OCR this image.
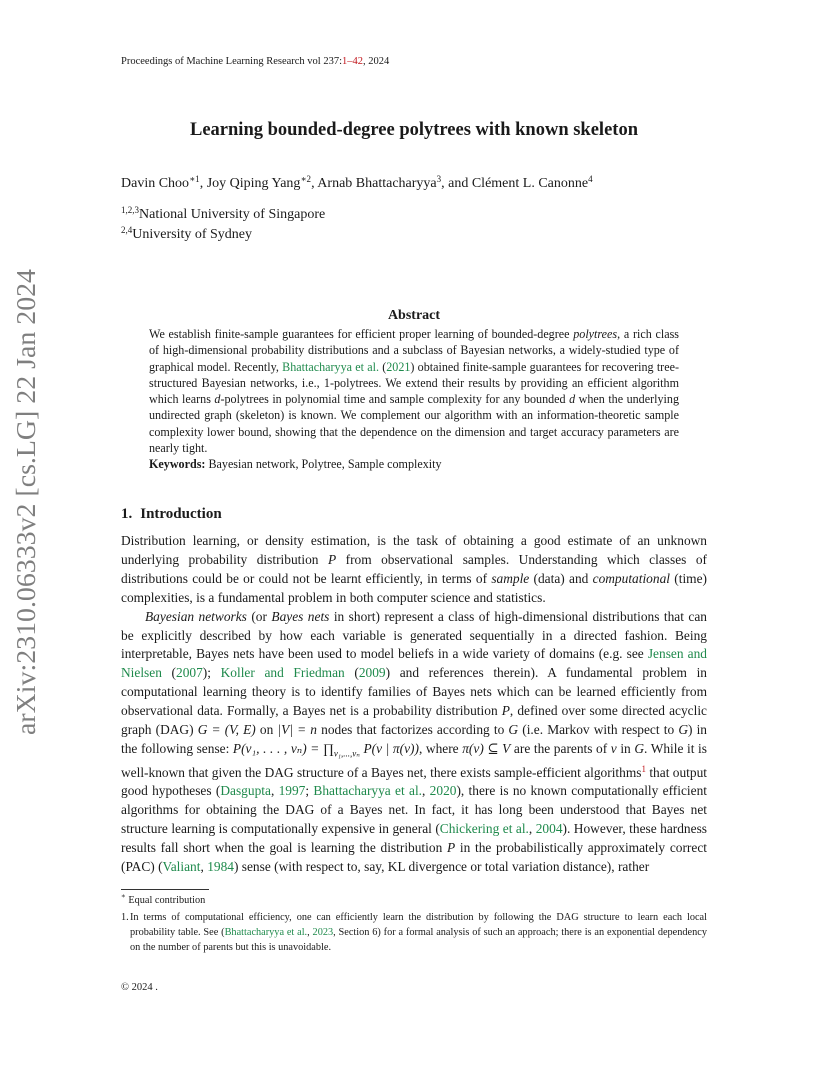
Proceedings of Machine Learning Research vol 237:1–42, 2024
Learning bounded-degree polytrees with known skeleton
Davin Choo$^{∗1}$, Joy Qiping Yang$^{∗2}$, Arnab Bhattacharyya$^3$, and Clément L. Canonne$^4$
$^{1,2,3}$National University of Singapore
$^{2,4}$University of Sydney
arXiv:2310.06333v2 [cs.LG] 22 Jan 2024	Abstract

We establish finite-sample guarantees for efficient proper learning of bounded-degree polytrees, a rich class of high-dimensional probability distributions and a subclass of Bayesian networks, a widely-studied type of graphical model. Recently, Bhattacharyya et al. (2021) obtained finite-sample guarantees for recovering tree-structured Bayesian networks, i.e., 1-polytrees. We extend their results by providing an efficient algorithm which learns d-polytrees in polynomial time and sample complexity for any bounded d when the underlying undirected graph (skeleton) is known. We complement our algorithm with an information-theoretic sample complexity lower bound, showing that the dependence on the dimension and target accuracy parameters are nearly tight.

Keywords: Bayesian network, Polytree, Sample complexity

1. Introduction

Distribution learning, or density estimation, is the task of obtaining a good estimate of an unknown underlying probability distribution P from observational samples. Understanding which classes of distributions could be or could not be learnt efficiently, in terms of sample (data) and computational (time) complexities, is a fundamental problem in both computer science and statistics.

Bayesian networks (or Bayes nets in short) represent a class of high-dimensional distributions that can be explicitly described by how each variable is generated sequentially in a directed fashion. Being interpretable, Bayes nets have been used to model beliefs in a wide variety of domains (e.g. see Jensen and Nielsen (2007); Koller and Friedman (2009) and references therein). A fundamental problem in computational learning theory is to identify families of Bayes nets which can be learned efficiently from observational data. Formally, a Bayes net is a probability distribution P, defined over some directed acyclic graph (DAG) G = (V, E) on |V| = n nodes that factorizes according to G (i.e. Markov with respect to G) in the following sense: P(v₁, . . . , $v_n) = \prod_{v_1,...,v_n}$ P(v | π(v)), where π(v) ⊆ V are the parents of v in G. While it is well-known that given the DAG structure of a Bayes net, there exists sample-efficient algorithms$^1$ that output good hypotheses (Dasgupta, 1997; Bhattacharyya et al., 2020), there is no known computationally efficient algorithms for obtaining the DAG of a Bayes net. In fact, it has long been understood that Bayes net structure learning is computationally expensive in general (Chickering et al., 2004). However, these hardness results fall short when the goal is learning the distribution P in the probabilistically approximately correct (PAC) (Valiant, 1984) sense (with respect to, say, KL divergence or total variation distance), rather

∗ Equal contribution
1. In terms of computational efficiency, one can efficiently learn the distribution by following the DAG structure to learn each local probability table. See (Bhattacharyya et al., 2023, Section 6) for a formal analysis of such an approach; there is an exponential dependency on the number of parents but this is unavoidable.
© 2024 .
